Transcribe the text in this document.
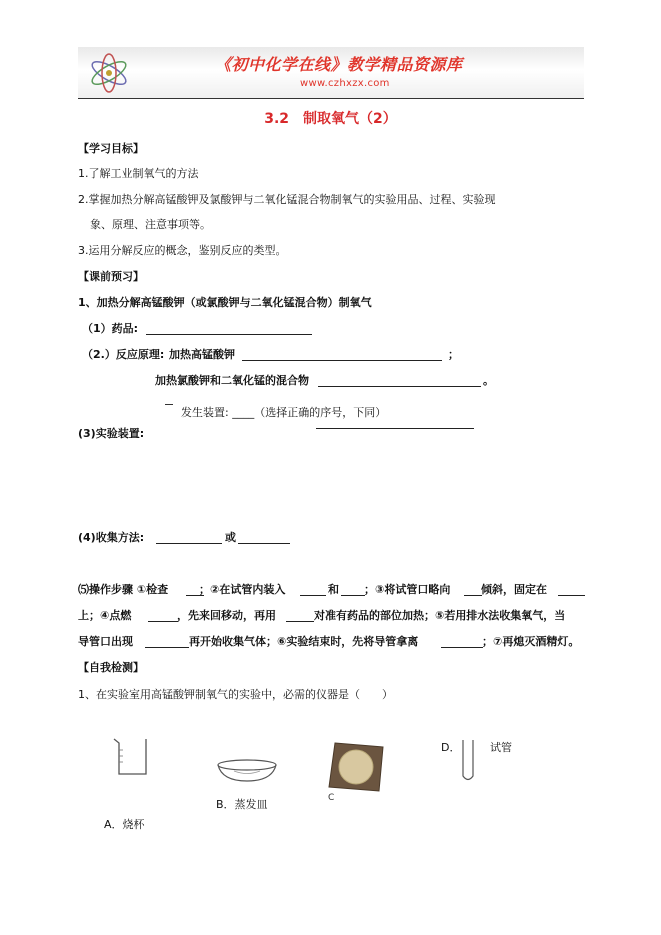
《初中化学在线》教学精品资源库
www.czhxzx.com
3.2　制取氧气（2）
【学习目标】
1.了解工业制氧气的方法
2.掌握加热分解高锰酸钾及氯酸钾与二氧化锰混合物制氧气的实验用品、过程、实验现
象、原理、注意事项等。
3.运用分解反应的概念，鉴别反应的类型。
【课前预习】
1、加热分解高锰酸钾（或氯酸钾与二氧化锰混合物）制氧气
（1）药品:
（2.）反应原理: 加热高锰酸钾	；
加热氯酸钾和二氧化锰的混合物	。
发生装置: ____（选择正确的序号，下同）
(3)实验装置:
(4)收集方法:	或
⑸操作步骤 ①检查	；②在试管内装入	和 ；③将试管口略向	倾斜，固定在
上；④点燃	，先来回移动，再用	对准有药品的部位加热；⑤若用排水法收集氧气，当
导管口出现	再开始收集气体；⑥实验结束时，先将导管拿离	；⑦再熄灭酒精灯。
【自我检测】
1、在实验室用高锰酸钾制氧气的实验中，必需的仪器是（　　）
A．烧杯
B．蒸发皿	C
D．	试管
